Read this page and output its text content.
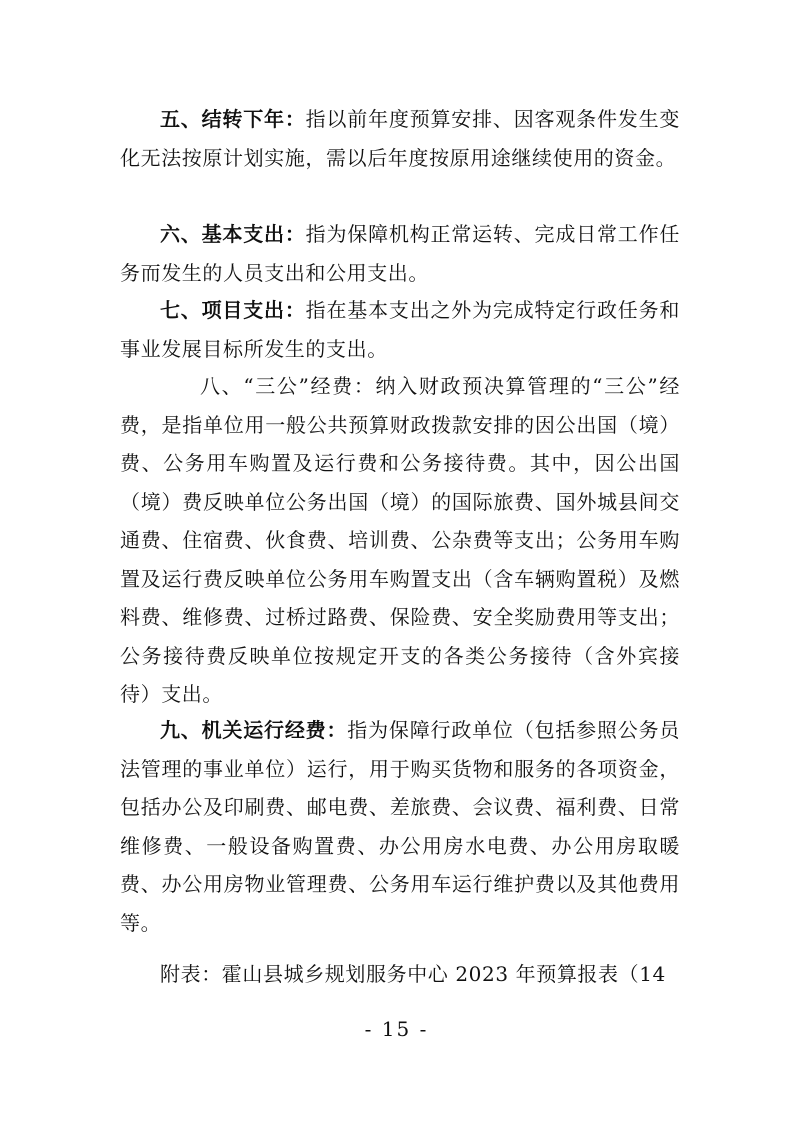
五、结转下年：指以前年度预算安排、因客观条件发生变化无法按原计划实施，需以后年度按原用途继续使用的资金。

六、基本支出：指为保障机构正常运转、完成日常工作任务而发生的人员支出和公用支出。

七、项目支出：指在基本支出之外为完成特定行政任务和事业发展目标所发生的支出。

八、“三公”经费：纳入财政预决算管理的“三公”经费，是指单位用一般公共预算财政拨款安排的因公出国（境）费、公务用车购置及运行费和公务接待费。其中，因公出国（境）费反映单位公务出国（境）的国际旅费、国外城县间交通费、住宿费、伙食费、培训费、公杂费等支出；公务用车购置及运行费反映单位公务用车购置支出（含车辆购置税）及燃料费、维修费、过桥过路费、保险费、安全奖励费用等支出；公务接待费反映单位按规定开支的各类公务接待（含外宾接待）支出。

九、机关运行经费：指为保障行政单位（包括参照公务员法管理的事业单位）运行，用于购买货物和服务的各项资金，包括办公及印刷费、邮电费、差旅费、会议费、福利费、日常维修费、一般设备购置费、办公用房水电费、办公用房取暖费、办公用房物业管理费、公务用车运行维护费以及其他费用等。

附表：霍山县城乡规划服务中心 2023 年预算报表（14

- 15 -
